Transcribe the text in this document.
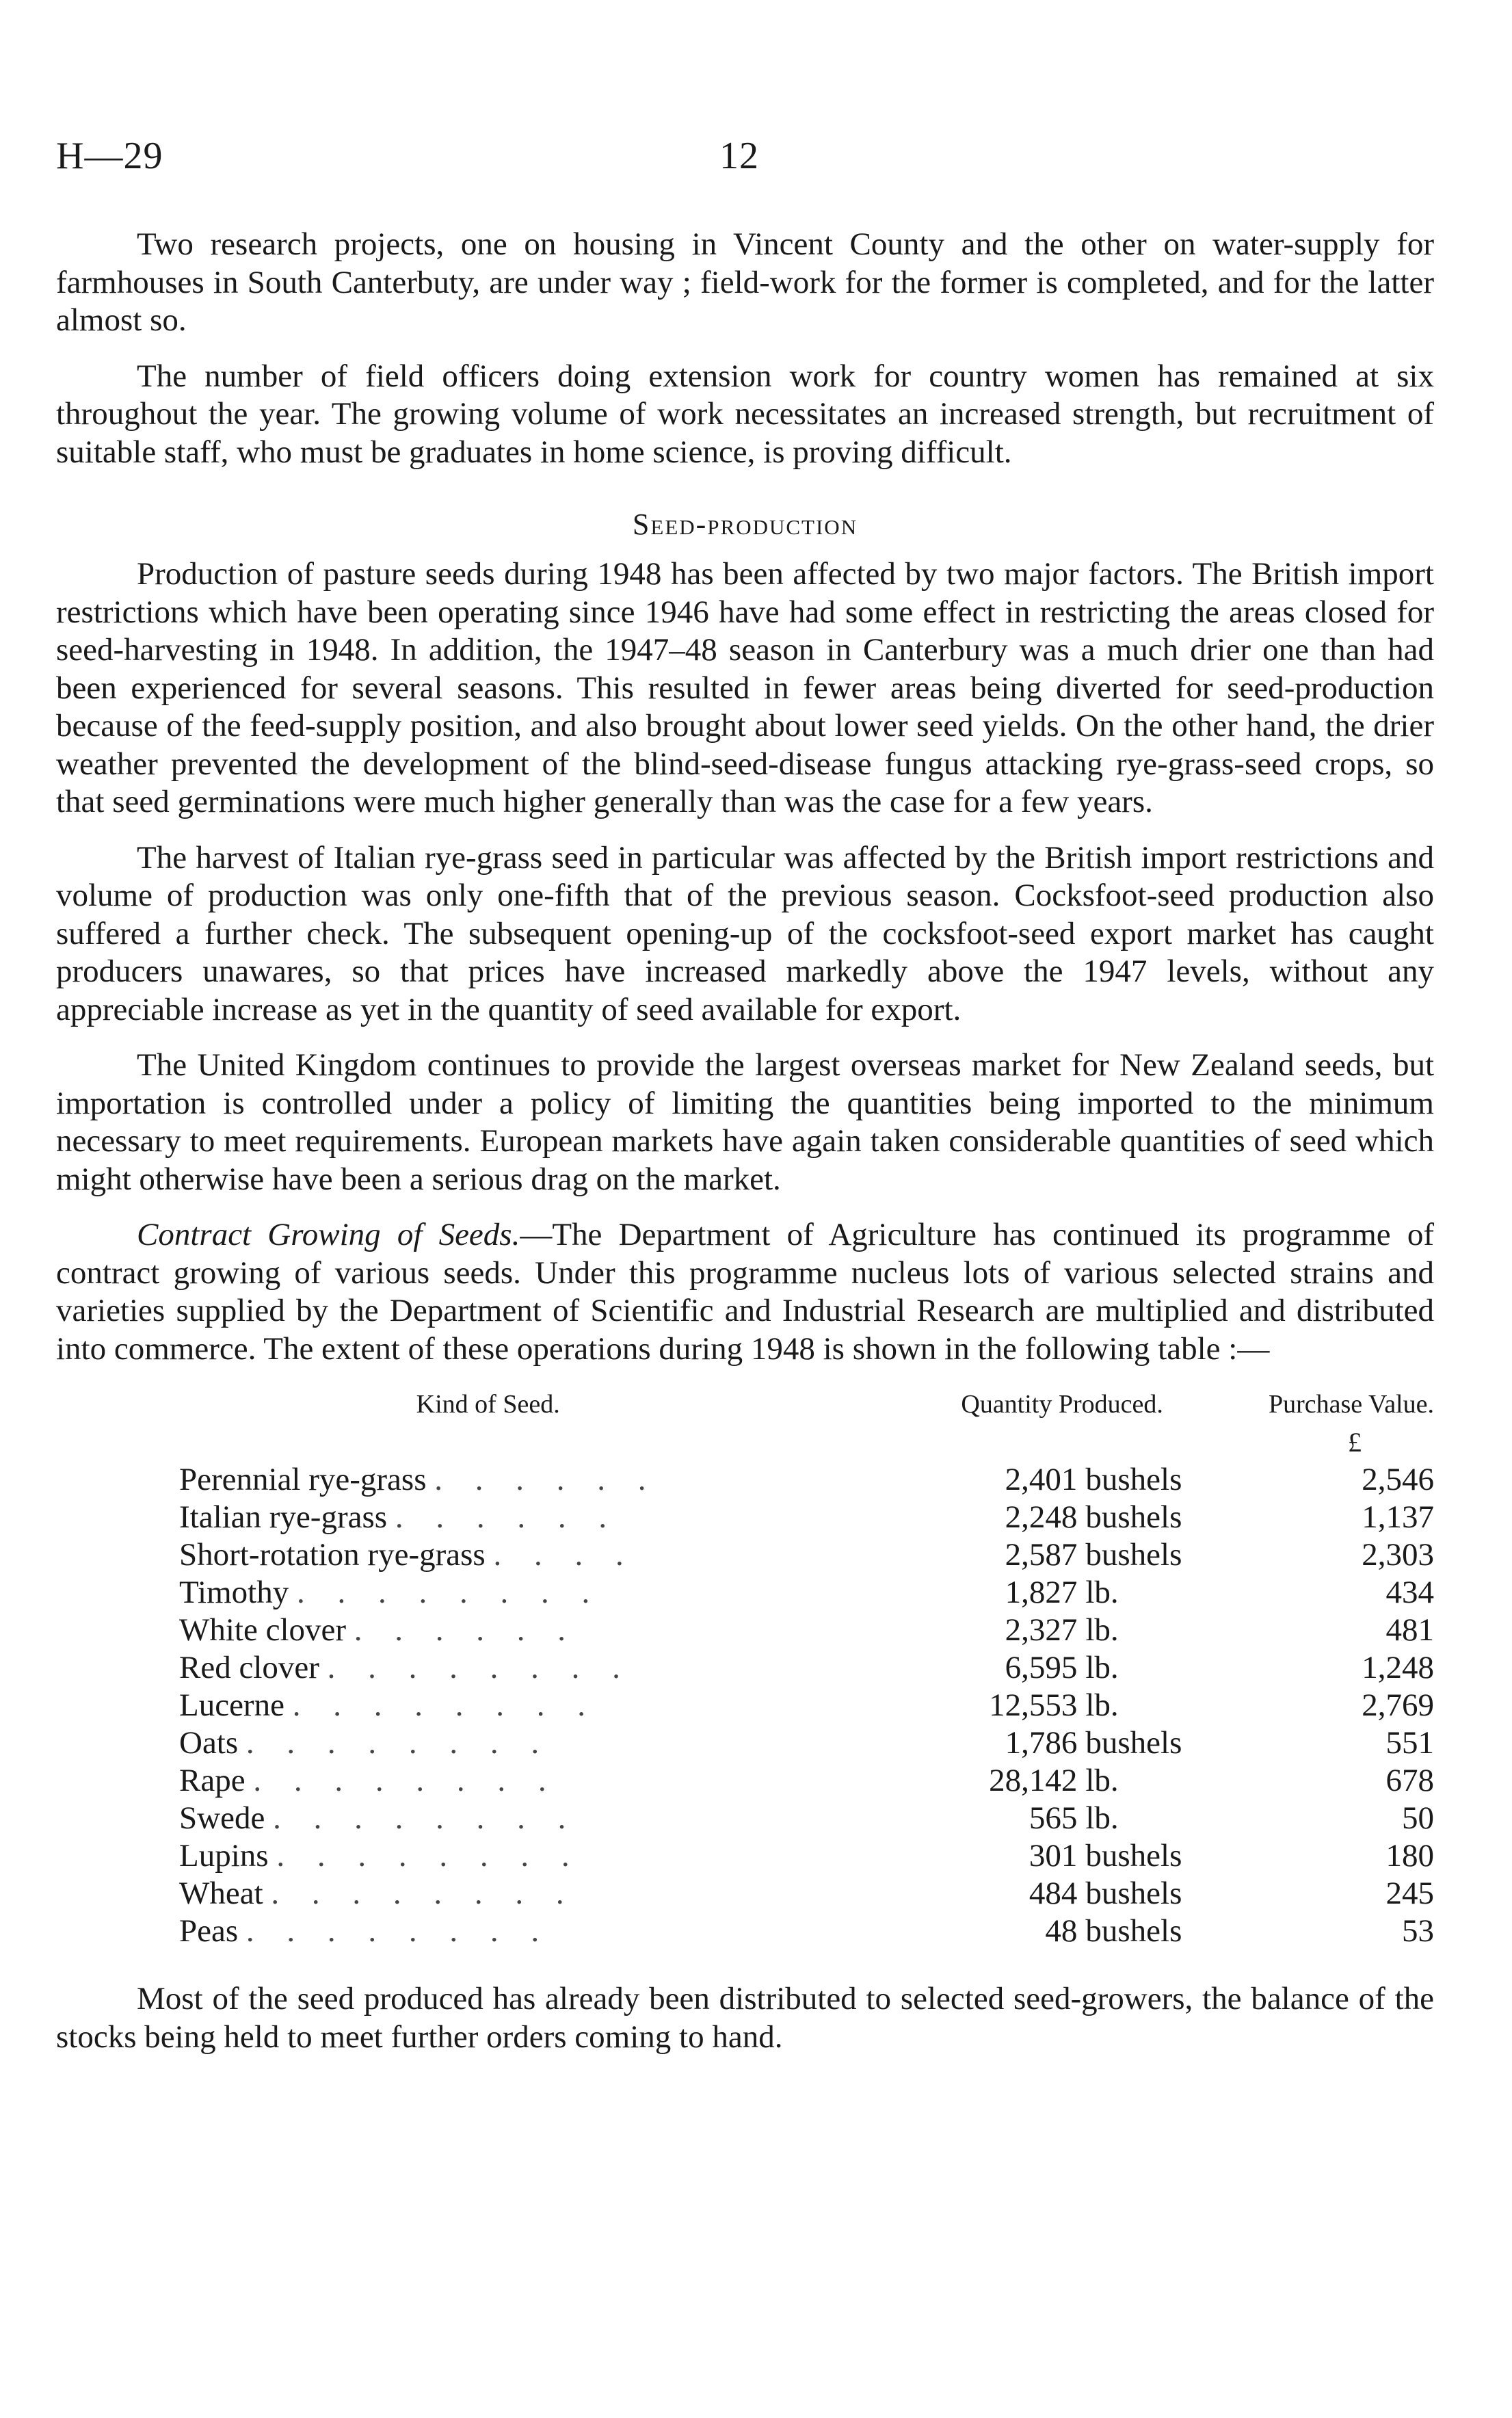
H—29	12

Two research projects, one on housing in Vincent County and the other on water-supply for farmhouses in South Canterbuty, are under way ; field-work for the former is completed, and for the latter almost so.

The number of field officers doing extension work for country women has remained at six throughout the year. The growing volume of work necessitates an increased strength, but recruitment of suitable staff, who must be graduates in home science, is proving difficult.

Seed-production

Production of pasture seeds during 1948 has been affected by two major factors. The British import restrictions which have been operating since 1946 have had some effect in restricting the areas closed for seed-harvesting in 1948. In addition, the 1947–48 season in Canterbury was a much drier one than had been experienced for several seasons. This resulted in fewer areas being diverted for seed-production because of the feed-supply position, and also brought about lower seed yields. On the other hand, the drier weather prevented the development of the blind-seed-disease fungus attacking rye-grass-seed crops, so that seed germinations were much higher generally than was the case for a few years.

The harvest of Italian rye-grass seed in particular was affected by the British import restrictions and volume of production was only one-fifth that of the previous season. Cocksfoot-seed production also suffered a further check. The subsequent opening-up of the cocksfoot-seed export market has caught producers unawares, so that prices have increased markedly above the 1947 levels, without any appreciable increase as yet in the quantity of seed available for export.

The United Kingdom continues to provide the largest overseas market for New Zealand seeds, but importation is controlled under a policy of limiting the quantities being imported to the minimum necessary to meet requirements. European markets have again taken considerable quantities of seed which might otherwise have been a serious drag on the market.

Contract Growing of Seeds.—The Department of Agriculture has continued its programme of contract growing of various seeds. Under this programme nucleus lots of various selected strains and varieties supplied by the Department of Scientific and Industrial Research are multiplied and distributed into commerce. The extent of these operations during 1948 is shown in the following table :—

Kind of Seed.	Quantity Produced.	Purchase Value.
		£
Perennial rye-grass . . . . . .	2,401 bushels	2,546
Italian rye-grass . . . . . .	2,248 bushels	1,137
Short-rotation rye-grass . . . .	2,587 bushels	2,303
Timothy . . . . . . . .	1,827 lb.	434
White clover . . . . . .	2,327 lb.	481
Red clover . . . . . . . .	6,595 lb.	1,248
Lucerne . . . . . . . .	12,553 lb.	2,769
Oats . . . . . . . .	1,786 bushels	551
Rape . . . . . . . .	28,142 lb.	678
Swede . . . . . . . .	565 lb.	50
Lupins . . . . . . . .	301 bushels	180
Wheat . . . . . . . .	484 bushels	245
Peas . . . . . . . .	48 bushels	53

Most of the seed produced has already been distributed to selected seed-growers, the balance of the stocks being held to meet further orders coming to hand.
